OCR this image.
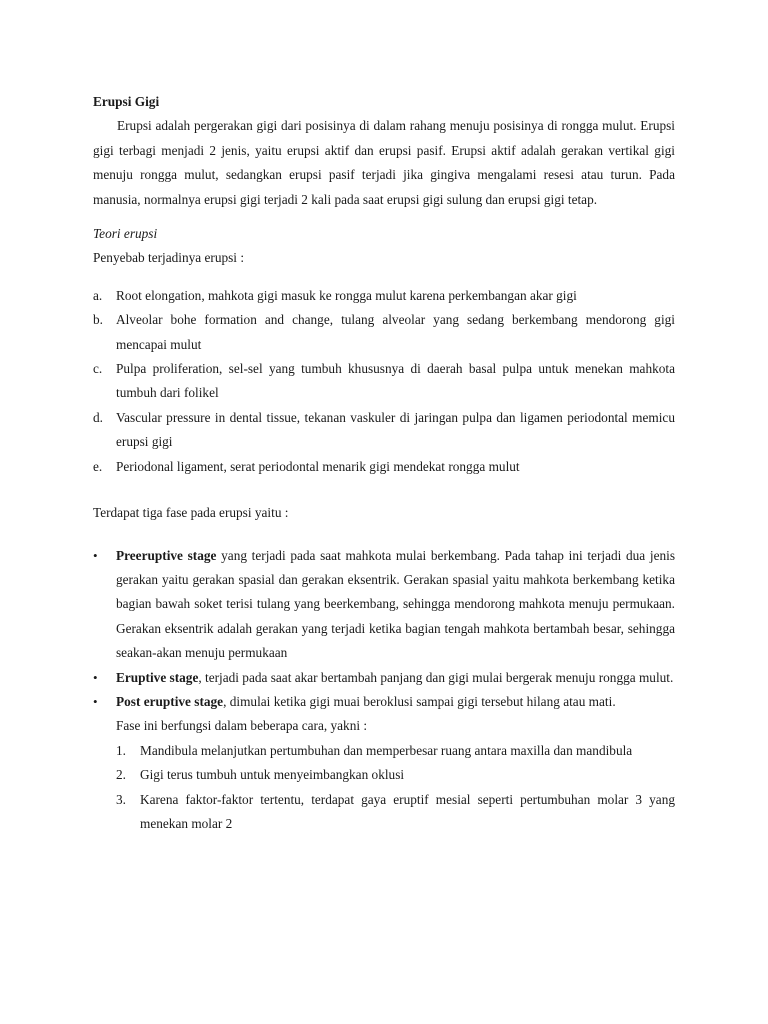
Erupsi Gigi

Erupsi adalah pergerakan gigi dari posisinya di dalam rahang menuju posisinya di rongga mulut. Erupsi gigi terbagi menjadi 2 jenis, yaitu erupsi aktif dan erupsi pasif. Erupsi aktif adalah gerakan vertikal gigi menuju rongga mulut, sedangkan erupsi pasif terjadi jika gingiva mengalami resesi atau turun. Pada manusia, normalnya erupsi gigi terjadi 2 kali pada saat erupsi gigi sulung dan erupsi gigi tetap.

Teori erupsi

Penyebab terjadinya erupsi :

a. Root elongation, mahkota gigi masuk ke rongga mulut karena perkembangan akar gigi
b. Alveolar bohe formation and change, tulang alveolar yang sedang berkembang mendorong gigi mencapai mulut
c. Pulpa proliferation, sel-sel yang tumbuh khususnya di daerah basal pulpa untuk menekan mahkota tumbuh dari folikel
d. Vascular pressure in dental tissue, tekanan vaskuler di jaringan pulpa dan ligamen periodontal memicu erupsi gigi
e. Periodonal ligament, serat periodontal menarik gigi mendekat rongga mulut

Terdapat tiga fase pada erupsi yaitu :

• Preeruptive stage yang terjadi pada saat mahkota mulai berkembang. Pada tahap ini terjadi dua jenis gerakan yaitu gerakan spasial dan gerakan eksentrik. Gerakan spasial yaitu mahkota berkembang ketika bagian bawah soket terisi tulang yang beerkembang, sehingga mendorong mahkota menuju permukaan. Gerakan eksentrik adalah gerakan yang terjadi ketika bagian tengah mahkota bertambah besar, sehingga seakan-akan menuju permukaan
• Eruptive stage, terjadi pada saat akar bertambah panjang dan gigi mulai bergerak menuju rongga mulut.
• Post eruptive stage, dimulai ketika gigi muai beroklusi sampai gigi tersebut hilang atau mati.
Fase ini berfungsi dalam beberapa cara, yakni :
1. Mandibula melanjutkan pertumbuhan dan memperbesar ruang antara maxilla dan mandibula
2. Gigi terus tumbuh untuk menyeimbangkan oklusi
3. Karena faktor-faktor tertentu, terdapat gaya eruptif mesial seperti pertumbuhan molar 3 yang menekan molar 2
